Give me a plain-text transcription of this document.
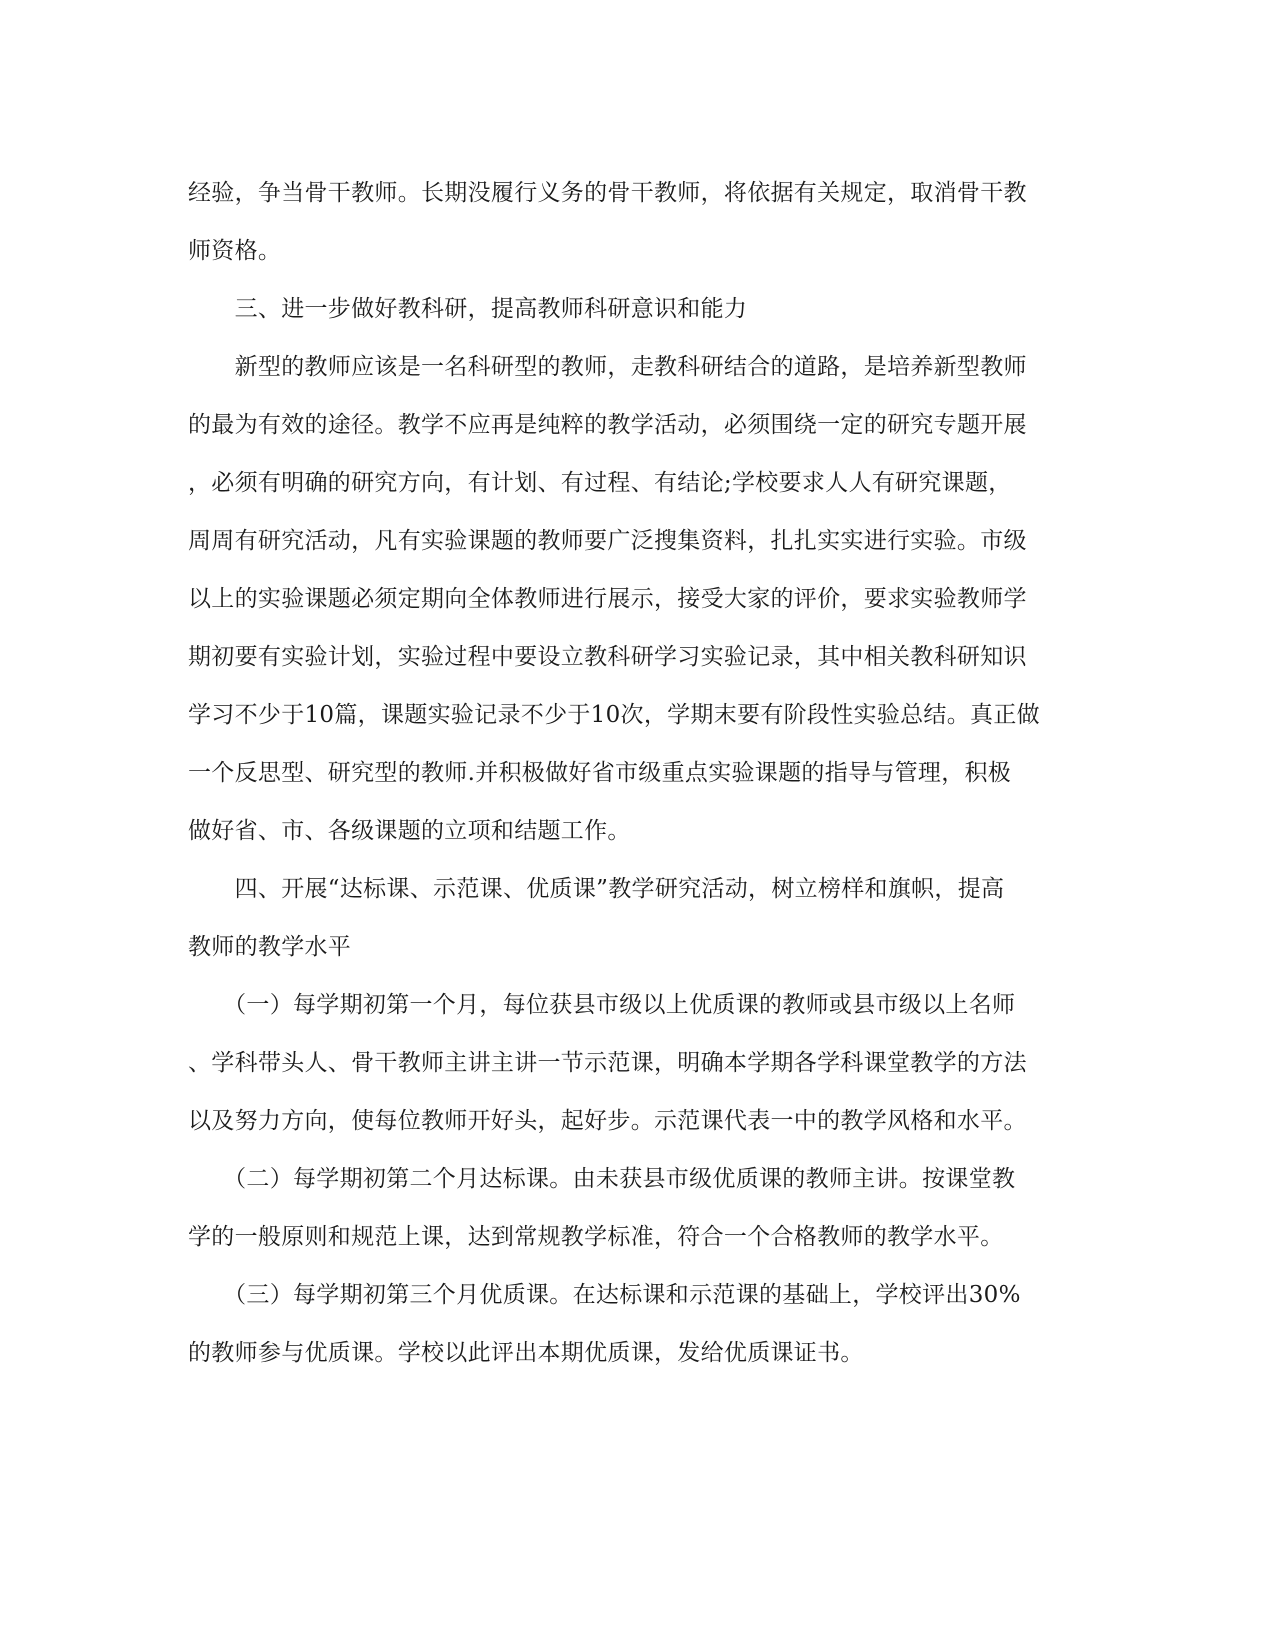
经验，争当骨干教师。长期没履行义务的骨干教师，将依据有关规定，取消骨干教
师资格。
　　三、进一步做好教科研，提高教师科研意识和能力
　　新型的教师应该是一名科研型的教师，走教科研结合的道路，是培养新型教师
的最为有效的途径。教学不应再是纯粹的教学活动，必须围绕一定的研究专题开展
，必须有明确的研究方向，有计划、有过程、有结论;学校要求人人有研究课题，
周周有研究活动，凡有实验课题的教师要广泛搜集资料，扎扎实实进行实验。市级
以上的实验课题必须定期向全体教师进行展示，接受大家的评价，要求实验教师学
期初要有实验计划，实验过程中要设立教科研学习实验记录，其中相关教科研知识
学习不少于10篇，课题实验记录不少于10次，学期末要有阶段性实验总结。真正做
一个反思型、研究型的教师.并积极做好省市级重点实验课题的指导与管理，积极
做好省、市、各级课题的立项和结题工作。
　　四、开展“达标课、示范课、优质课”教学研究活动，树立榜样和旗帜，提高
教师的教学水平
　　（一）每学期初第一个月，每位获县市级以上优质课的教师或县市级以上名师
、学科带头人、骨干教师主讲主讲一节示范课，明确本学期各学科课堂教学的方法
以及努力方向，使每位教师开好头，起好步。示范课代表一中的教学风格和水平。
　　（二）每学期初第二个月达标课。由未获县市级优质课的教师主讲。按课堂教
学的一般原则和规范上课，达到常规教学标准，符合一个合格教师的教学水平。
　　（三）每学期初第三个月优质课。在达标课和示范课的基础上，学校评出30%
的教师参与优质课。学校以此评出本期优质课，发给优质课证书。
